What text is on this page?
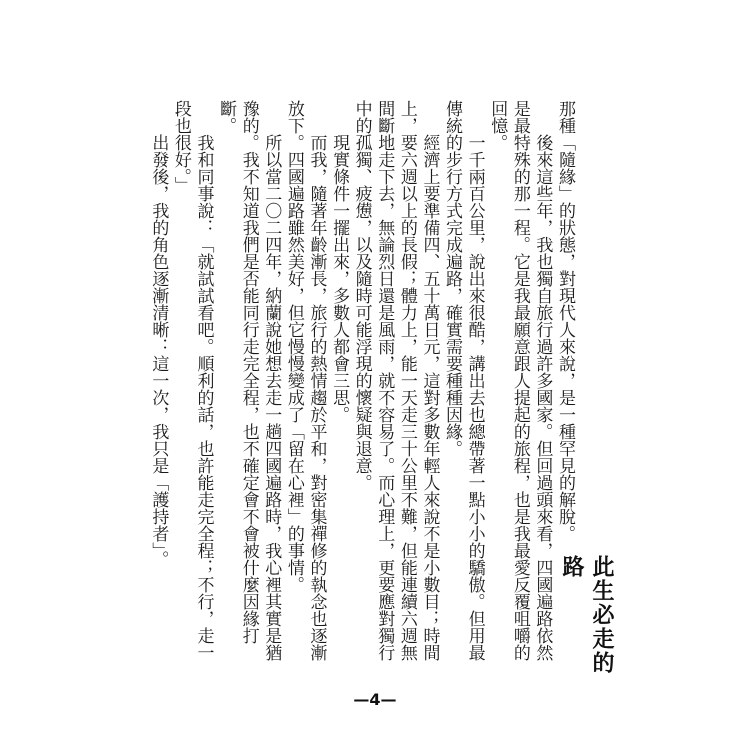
此生必走的路

那種「隨緣」的狀態，對現代人來說，是一種罕見的解脫。

後來這些年，我也獨自旅行過許多國家。但回過頭來看，四國遍路依然是最特殊的那一程。它是我最願意跟人提起的旅程，也是我最愛反覆咀嚼的回憶。

一千兩百公里，說出來很酷，講出去也總帶著一點小小的驕傲。但用最傳統的步行方式完成遍路，確實需要種種因緣。

經濟上要準備四、五十萬日元，這對多數年輕人來說不是小數目；時間上，要六週以上的長假；體力上，能一天走三十公里不難，但能連續六週無間斷地走下去，無論烈日還是風雨，就不容易了。而心理上，更要應對獨行中的孤獨、疲憊，以及隨時可能浮現的懷疑與退意。

現實條件一擺出來，多數人都會三思。

而我，隨著年齡漸長，旅行的熱情趨於平和，對密集禪修的執念也逐漸放下。四國遍路雖然美好，但它慢慢變成了「留在心裡」的事情。

所以當二〇二四年，納蘭說她想去走一趟四國遍路時，我心裡其實是猶豫的。我不知道我們是否能同行走完全程，也不確定會不會被什麼因緣打斷。

我和同事說：「就試試看吧。順利的話，也許能走完全程；不行，走一段也很好。」

出發後，我的角色逐漸清晰：這一次，我只是「護持者」。

—4—
